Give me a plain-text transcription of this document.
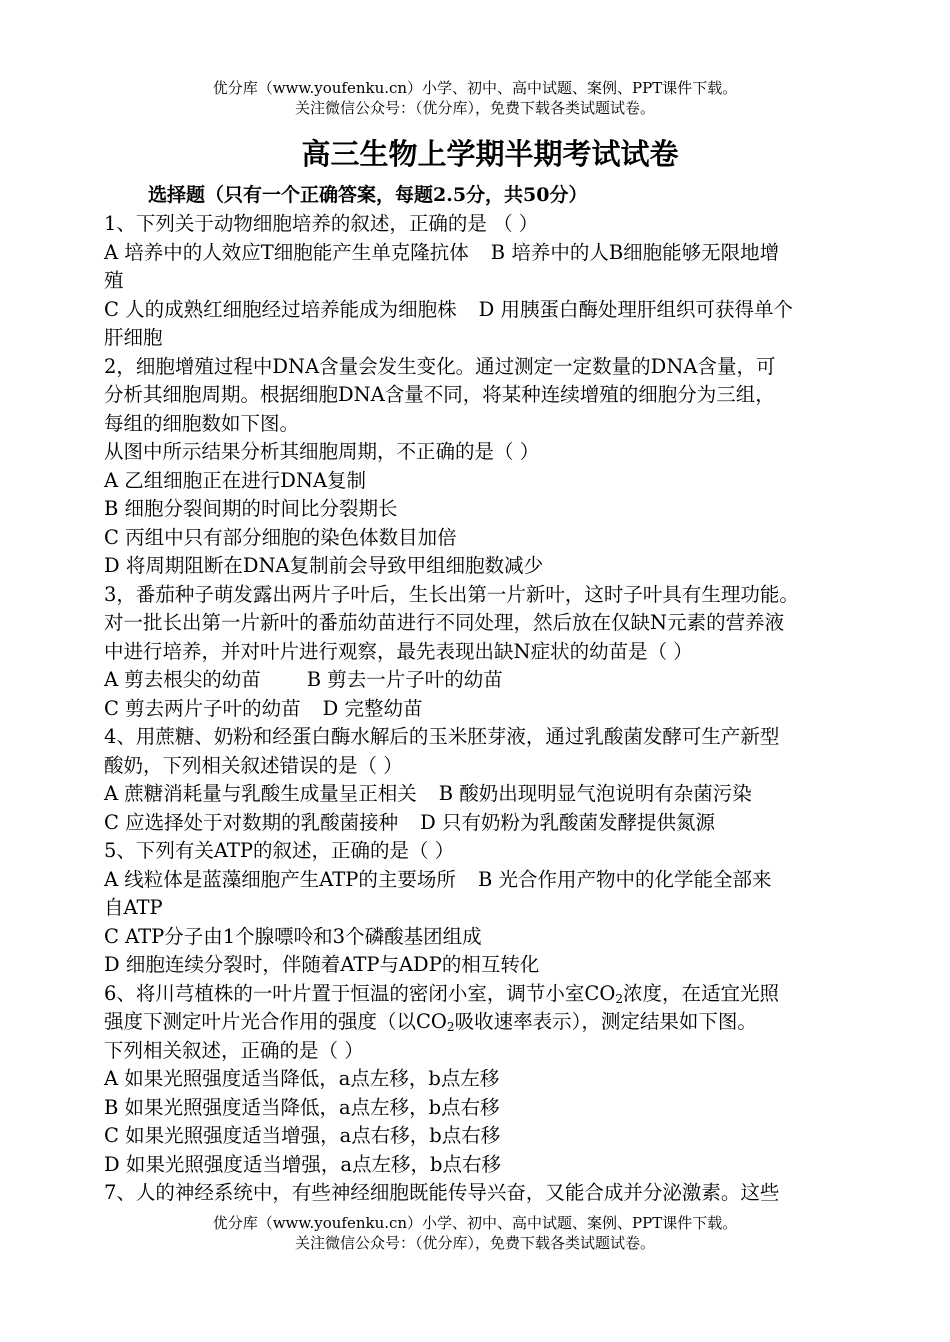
优分库（www.youfenku.cn）小学、初中、高中试题、案例、PPT课件下载。
关注微信公众号：（优分库），免费下载各类试题试卷。
高三生物上学期半期考试试卷
选择题（只有一个正确答案，每题2.5分，共50分）
1、下列关于动物细胞培养的叙述，正确的是 （ ）
A 培养中的人效应T细胞能产生单克隆抗体 B 培养中的人B细胞能够无限地增
殖
C 人的成熟红细胞经过培养能成为细胞株 D 用胰蛋白酶处理肝组织可获得单个
肝细胞
2，细胞增殖过程中DNA含量会发生变化。通过测定一定数量的DNA含量，可
分析其细胞周期。根据细胞DNA含量不同，将某种连续增殖的细胞分为三组，
每组的细胞数如下图。
从图中所示结果分析其细胞周期，不正确的是（ ）
A 乙组细胞正在进行DNA复制
B 细胞分裂间期的时间比分裂期长
C 丙组中只有部分细胞的染色体数目加倍
D 将周期阻断在DNA复制前会导致甲组细胞数减少
3，番茄种子萌发露出两片子叶后，生长出第一片新叶，这时子叶具有生理功能。
对一批长出第一片新叶的番茄幼苗进行不同处理，然后放在仅缺N元素的营养液
中进行培养，并对叶片进行观察，最先表现出缺N症状的幼苗是（ ）
A 剪去根尖的幼苗 B 剪去一片子叶的幼苗
C 剪去两片子叶的幼苗 D 完整幼苗
4、用蔗糖、奶粉和经蛋白酶水解后的玉米胚芽液，通过乳酸菌发酵可生产新型
酸奶，下列相关叙述错误的是（ ）
A 蔗糖消耗量与乳酸生成量呈正相关 B 酸奶出现明显气泡说明有杂菌污染
C 应选择处于对数期的乳酸菌接种 D 只有奶粉为乳酸菌发酵提供氮源
5、下列有关ATP的叙述，正确的是（ ）
A 线粒体是蓝藻细胞产生ATP的主要场所 B 光合作用产物中的化学能全部来
自ATP
C ATP分子由1个腺嘌呤和3个磷酸基团组成
D 细胞连续分裂时，伴随着ATP与ADP的相互转化
6、将川芎植株的一叶片置于恒温的密闭小室，调节小室$CO_2$浓度，在适宜光照
强度下测定叶片光合作用的强度（以$CO_2$吸收速率表示），测定结果如下图。
下列相关叙述，正确的是（ ）
A 如果光照强度适当降低，a点左移，b点左移
B 如果光照强度适当降低，a点左移，b点右移
C 如果光照强度适当增强，a点右移，b点右移
D 如果光照强度适当增强，a点左移，b点右移
7、人的神经系统中，有些神经细胞既能传导兴奋，又能合成并分泌激素。这些
优分库（www.youfenku.cn）小学、初中、高中试题、案例、PPT课件下载。
关注微信公众号：（优分库），免费下载各类试题试卷。
